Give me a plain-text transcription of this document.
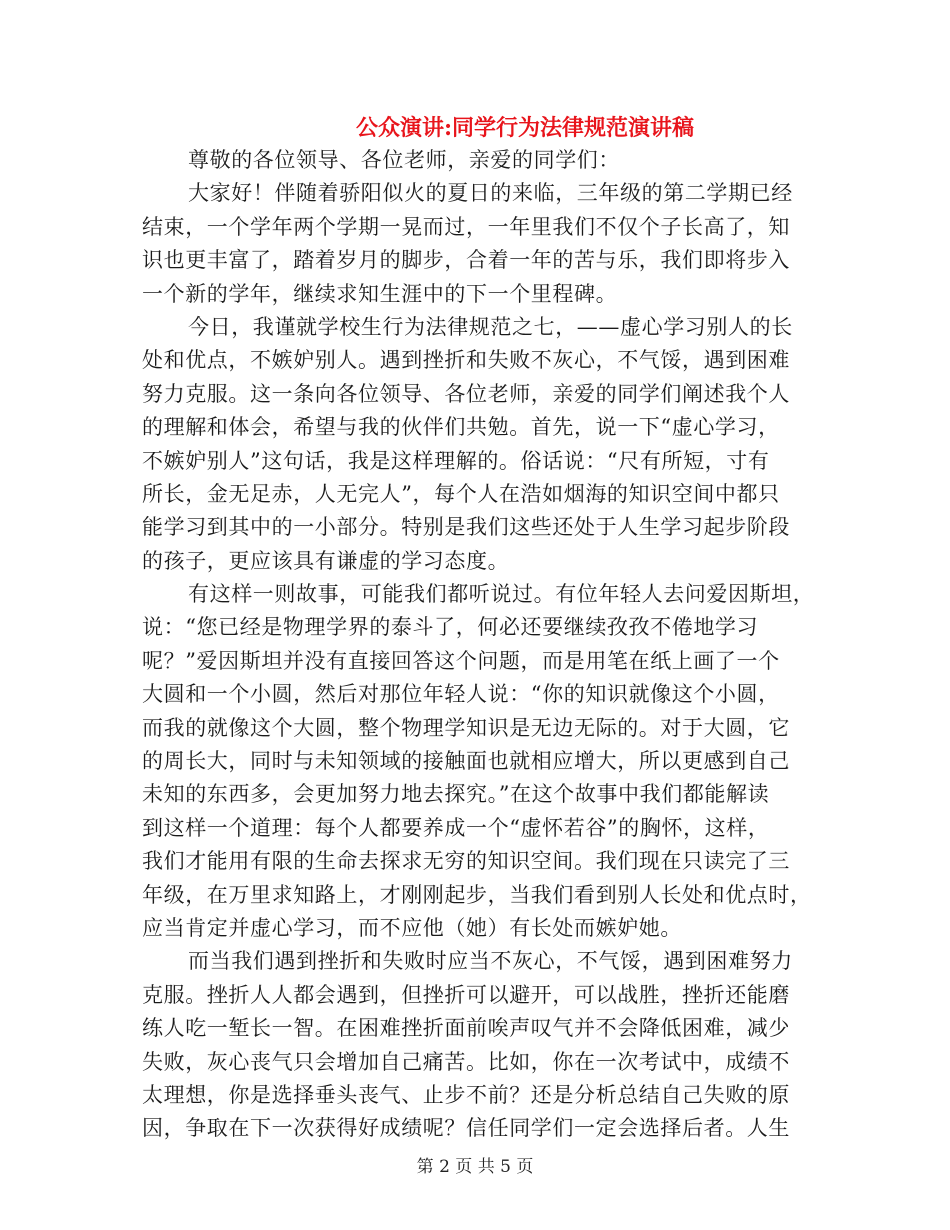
公众演讲:同学行为法律规范演讲稿
尊敬的各位领导、各位老师，亲爱的同学们：
大家好！伴随着骄阳似火的夏日的来临，三年级的第二学期已经
结束，一个学年两个学期一晃而过，一年里我们不仅个子长高了，知
识也更丰富了，踏着岁月的脚步，合着一年的苦与乐，我们即将步入
一个新的学年，继续求知生涯中的下一个里程碑。
今日，我谨就学校生行为法律规范之七，——虚心学习别人的长
处和优点，不嫉妒别人。遇到挫折和失败不灰心，不气馁，遇到困难
努力克服。这一条向各位领导、各位老师，亲爱的同学们阐述我个人
的理解和体会，希望与我的伙伴们共勉。首先，说一下“虚心学习，
不嫉妒别人”这句话，我是这样理解的。俗话说：“尺有所短，寸有
所长，金无足赤，人无完人”，每个人在浩如烟海的知识空间中都只
能学习到其中的一小部分。特别是我们这些还处于人生学习起步阶段
的孩子，更应该具有谦虚的学习态度。
有这样一则故事，可能我们都听说过。有位年轻人去问爱因斯坦，
说：“您已经是物理学界的泰斗了，何必还要继续孜孜不倦地学习
呢？”爱因斯坦并没有直接回答这个问题，而是用笔在纸上画了一个
大圆和一个小圆，然后对那位年轻人说：“你的知识就像这个小圆，
而我的就像这个大圆，整个物理学知识是无边无际的。对于大圆，它
的周长大，同时与未知领域的接触面也就相应增大，所以更感到自己
未知的东西多，会更加努力地去探究。”在这个故事中我们都能解读
到这样一个道理：每个人都要养成一个“虚怀若谷”的胸怀，这样，
我们才能用有限的生命去探求无穷的知识空间。我们现在只读完了三
年级，在万里求知路上，才刚刚起步，当我们看到别人长处和优点时，
应当肯定并虚心学习，而不应他（她）有长处而嫉妒她。
而当我们遇到挫折和失败时应当不灰心，不气馁，遇到困难努力
克服。挫折人人都会遇到，但挫折可以避开，可以战胜，挫折还能磨
练人吃一堑长一智。在困难挫折面前唉声叹气并不会降低困难，减少
失败，灰心丧气只会增加自己痛苦。比如，你在一次考试中，成绩不
太理想，你是选择垂头丧气、止步不前？还是分析总结自己失败的原
因，争取在下一次获得好成绩呢？信任同学们一定会选择后者。人生
第 2 页 共 5 页
